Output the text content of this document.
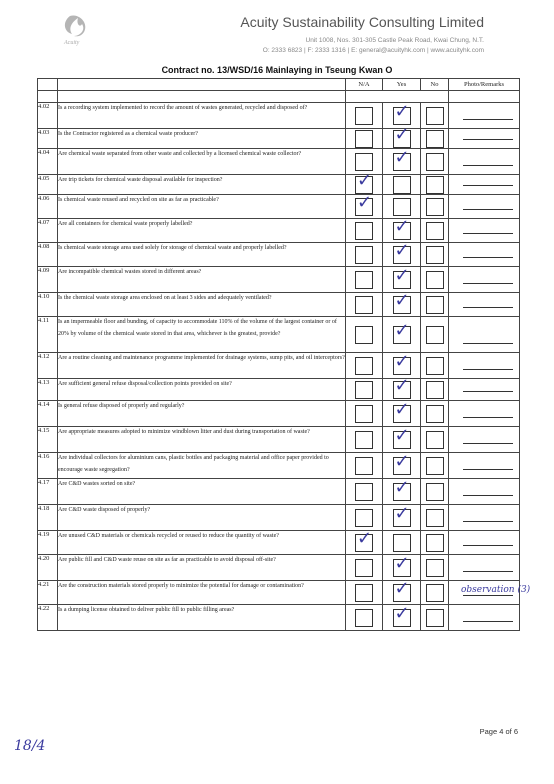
Acuity
Acuity Sustainability Consulting Limited
Unit 1008, Nos. 301-305 Castle Peak Road, Kwai Chung, N.T.
O: 2333 6823 | F: 2333 1316 | E: general@acuityhk.com | www.acuityhk.com
Contract no. 13/WSD/16 Mainlaying in Tseung Kwan O
		N/A	Yes	No	Photo/Remarks

4.02	Is a recording system implemented to record the amount of wastes generated, recycled and disposed of?		✓		

4.03	Is the Contractor registered as a chemical waste producer?		✓		

4.04	Are chemical waste separated from other waste and collected by a licensed chemical waste collector?		✓		

4.05	Are trip tickets for chemical waste disposal available for inspection?	✓			

4.06	Is chemical waste reused and recycled on site as far as practicable?	✓			

4.07	Are all containers for chemical waste properly labelled?		✓		

4.08	Is chemical waste storage area used solely for storage of chemical waste and properly labelled?		✓		

4.09	Are incompatible chemical wastes stored in different areas?		✓		

4.10	Is the chemical waste storage area enclosed on at least 3 sides and adequately ventilated?		✓		

4.11	Is an impermeable floor and bunding, of capacity to accommodate 110% of the volume of the largest container or of 20% by volume of the chemical waste stored in that area, whichever is the greatest, provide?		✓		

4.12	Are a routine cleaning and maintenance programme implemented for drainage systems, sump pits, and oil interceptors?		✓		

4.13	Are sufficient general refuse disposal/collection points provided on site?		✓		

4.14	Is general refuse disposed of properly and regularly?		✓		

4.15	Are appropriate measures adopted to minimize windblown litter and dust during transportation of waste?		✓		

4.16	Are individual collectors for aluminium cans, plastic bottles and packaging material and office paper provided to encourage waste segregation?		✓		

4.17	Are C&D wastes sorted on site?		✓		

4.18	Are C&D waste disposed of properly?		✓		

4.19	Are unused C&D materials or chemicals recycled or reused to reduce the quantity of waste?	✓			

4.20	Are public fill and C&D waste reuse on site as far as practicable to avoid disposal off-site?		✓		

4.21	Are the construction materials stored properly to minimize the potential for damage or contamination?		✓		observation (3)

4.22	Is a dumping license obtained to deliver public fill to public filling areas?		✓		

Page 4 of 6
18/4
